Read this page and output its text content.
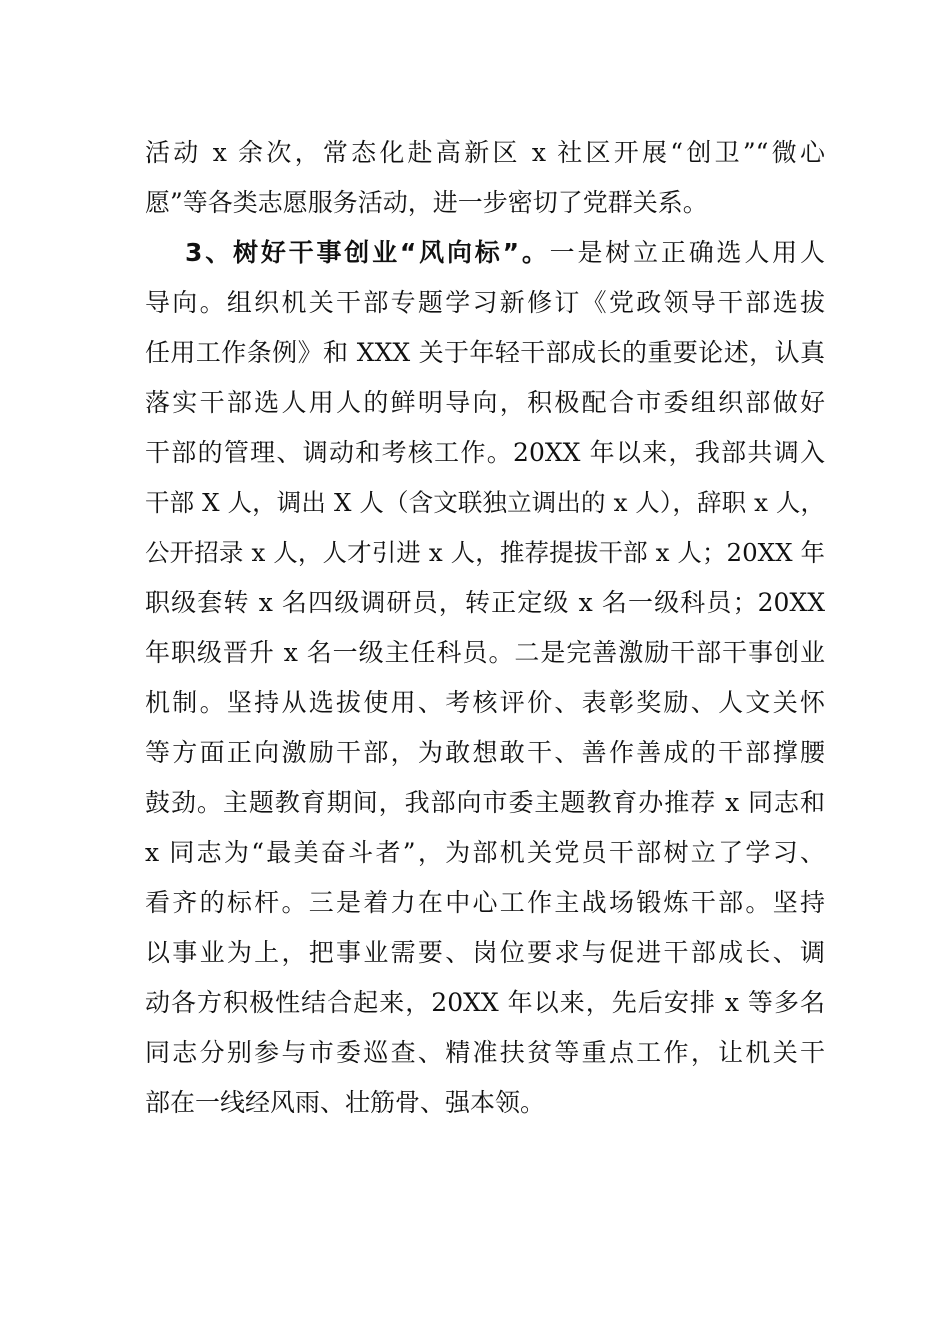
活动 x 余次，常态化赴高新区 x 社区开展“创卫”“微心
愿”等各类志愿服务活动，进一步密切了党群关系。
3、树好干事创业“风向标”。一是树立正确选人用人
导向。组织机关干部专题学习新修订《党政领导干部选拔
任用工作条例》和 XXX 关于年轻干部成长的重要论述，认真
落实干部选人用人的鲜明导向，积极配合市委组织部做好
干部的管理、调动和考核工作。20XX 年以来，我部共调入
干部 X 人，调出 X 人（含文联独立调出的 x 人），辞职 x 人，
公开招录 x 人，人才引进 x 人，推荐提拔干部 x 人；20XX 年
职级套转 x 名四级调研员，转正定级 x 名一级科员；20XX
年职级晋升 x 名一级主任科员。二是完善激励干部干事创业
机制。坚持从选拔使用、考核评价、表彰奖励、人文关怀
等方面正向激励干部，为敢想敢干、善作善成的干部撑腰
鼓劲。主题教育期间，我部向市委主题教育办推荐 x 同志和
x 同志为“最美奋斗者”，为部机关党员干部树立了学习、
看齐的标杆。三是着力在中心工作主战场锻炼干部。坚持
以事业为上，把事业需要、岗位要求与促进干部成长、调
动各方积极性结合起来，20XX 年以来，先后安排 x 等多名
同志分别参与市委巡查、精准扶贫等重点工作，让机关干
部在一线经风雨、壮筋骨、强本领。
